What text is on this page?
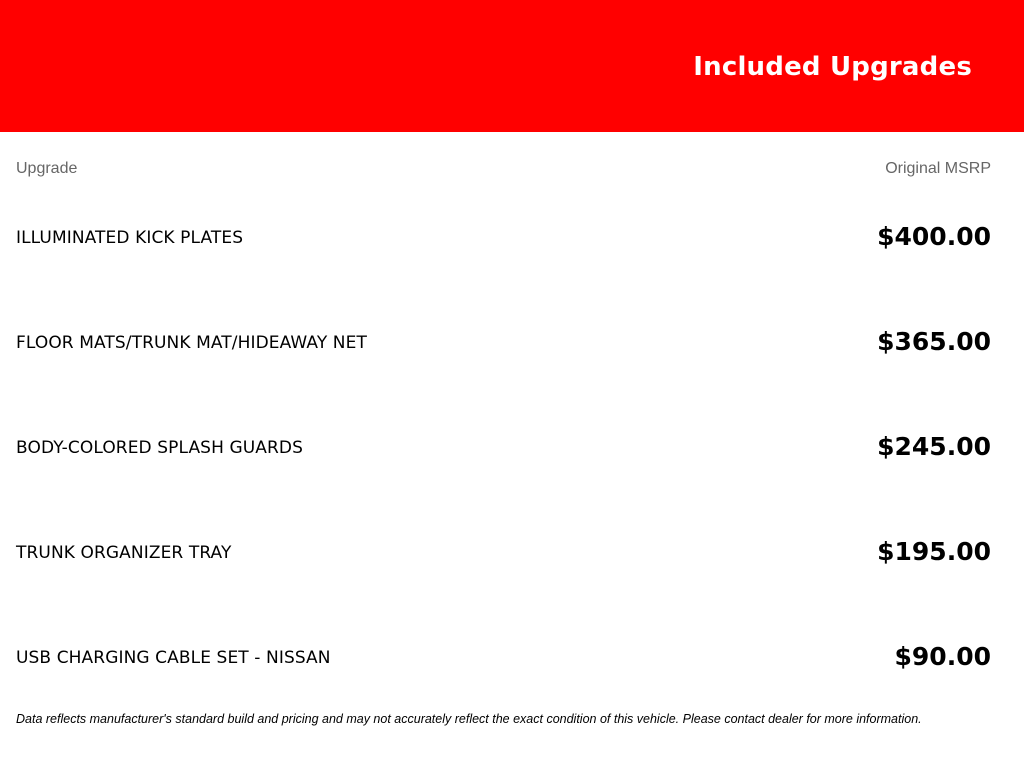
Included Upgrades
Upgrade	Original MSRP
ILLUMINATED KICK PLATES	$400.00
FLOOR MATS/TRUNK MAT/HIDEAWAY NET	$365.00
BODY-COLORED SPLASH GUARDS	$245.00
TRUNK ORGANIZER TRAY	$195.00
USB CHARGING CABLE SET - NISSAN	$90.00
Data reflects manufacturer's standard build and pricing and may not accurately reflect the exact condition of this vehicle. Please contact dealer for more information.
